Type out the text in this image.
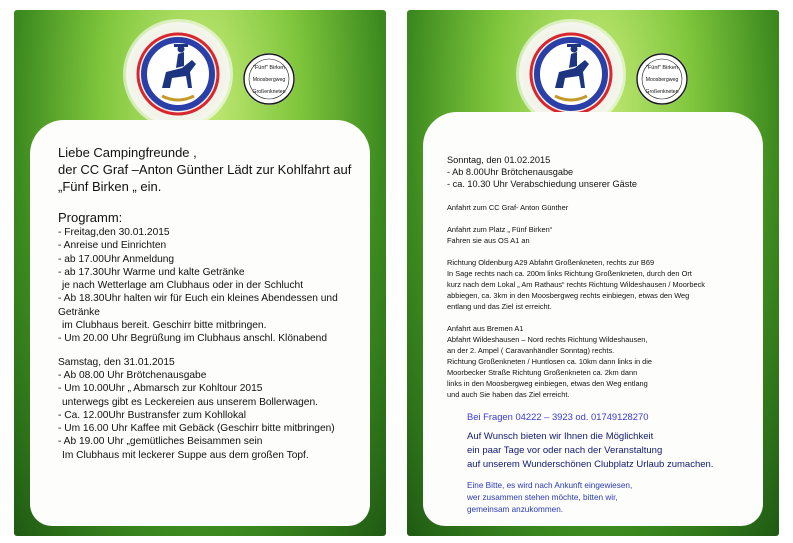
"Fünf" Birken
Moosbergweg
Großenkneten
Liebe Campingfreunde ,
der CC Graf –Anton Günther Lädt zur Kohlfahrt auf
„Fünf Birken „ ein.
Programm:
- Freitag,den 30.01.2015
- Anreise und Einrichten
- ab 17.00Uhr Anmeldung
- ab 17.30Uhr Warme und kalte Getränke
je nach Wetterlage am Clubhaus oder in der Schlucht
- Ab 18.30Uhr halten wir für Euch ein kleines Abendessen und Getränke
im Clubhaus bereit. Geschirr bitte mitbringen.
- Um 20.00 Uhr Begrüßung im Clubhaus anschl. Klönabend
Samstag, den 31.01.2015
- Ab 08.00 Uhr Brötchenausgabe
- Um 10.00Uhr „ Abmarsch zur Kohltour 2015
unterwegs gibt es Leckereien aus unserem Bollerwagen.
- Ca. 12.00Uhr Bustransfer zum Kohllokal
- Um 16.00 Uhr Kaffee mit Gebäck (Geschirr bitte mitbringen)
- Ab 19.00 Uhr „gemütliches Beisammen sein
Im Clubhaus mit leckerer Suppe aus dem großen Topf.
"Fünf" Birken
Moosbergweg
Großenkneten
Sonntag, den 01.02.2015
- Ab 8.00Uhr Brötchenausgabe
- ca. 10.30 Uhr Verabschiedung unserer Gäste
Anfahrt zum CC Graf- Anton Günther
Anfahrt zum Platz „ Fünf Birken“
Fahren sie aus OS A1 an
Richtung Oldenburg A29 Abfahrt Großenkneten, rechts zur B69
In Sage rechts nach ca. 200m links Richtung Großenkneten, durch den Ort
kurz nach dem Lokal „ Am Rathaus“ rechts Richtung Wildeshausen / Moorbeck
abbiegen, ca. 3km in den Moosbergweg rechts einbiegen, etwas den Weg
entlang und das Ziel ist erreicht.
Anfahrt aus Bremen A1
Abfahrt Wildeshausen – Nord rechts Richtung Wildeshausen,
an der 2. Ampel ( Caravanhändler Sonntag) rechts.
Richtung Großenkneten / Huntlosen ca. 10km dann links in die
Moorbecker Straße Richtung Großenkneten ca. 2km dann
links in den Moosbergweg einbiegen, etwas den Weg entlang
und auch Sie haben das Ziel erreicht.
Bei Fragen 04222 – 3923 od. 01749128270
Auf Wunsch bieten wir Ihnen die Möglichkeit
ein paar Tage vor oder nach der Veranstaltung
auf unserem Wunderschönen Clubplatz Urlaub zumachen.
Eine Bitte, es wird nach Ankunft eingewiesen,
wer zusammen stehen möchte, bitten wir,
gemeinsam anzukommen.
